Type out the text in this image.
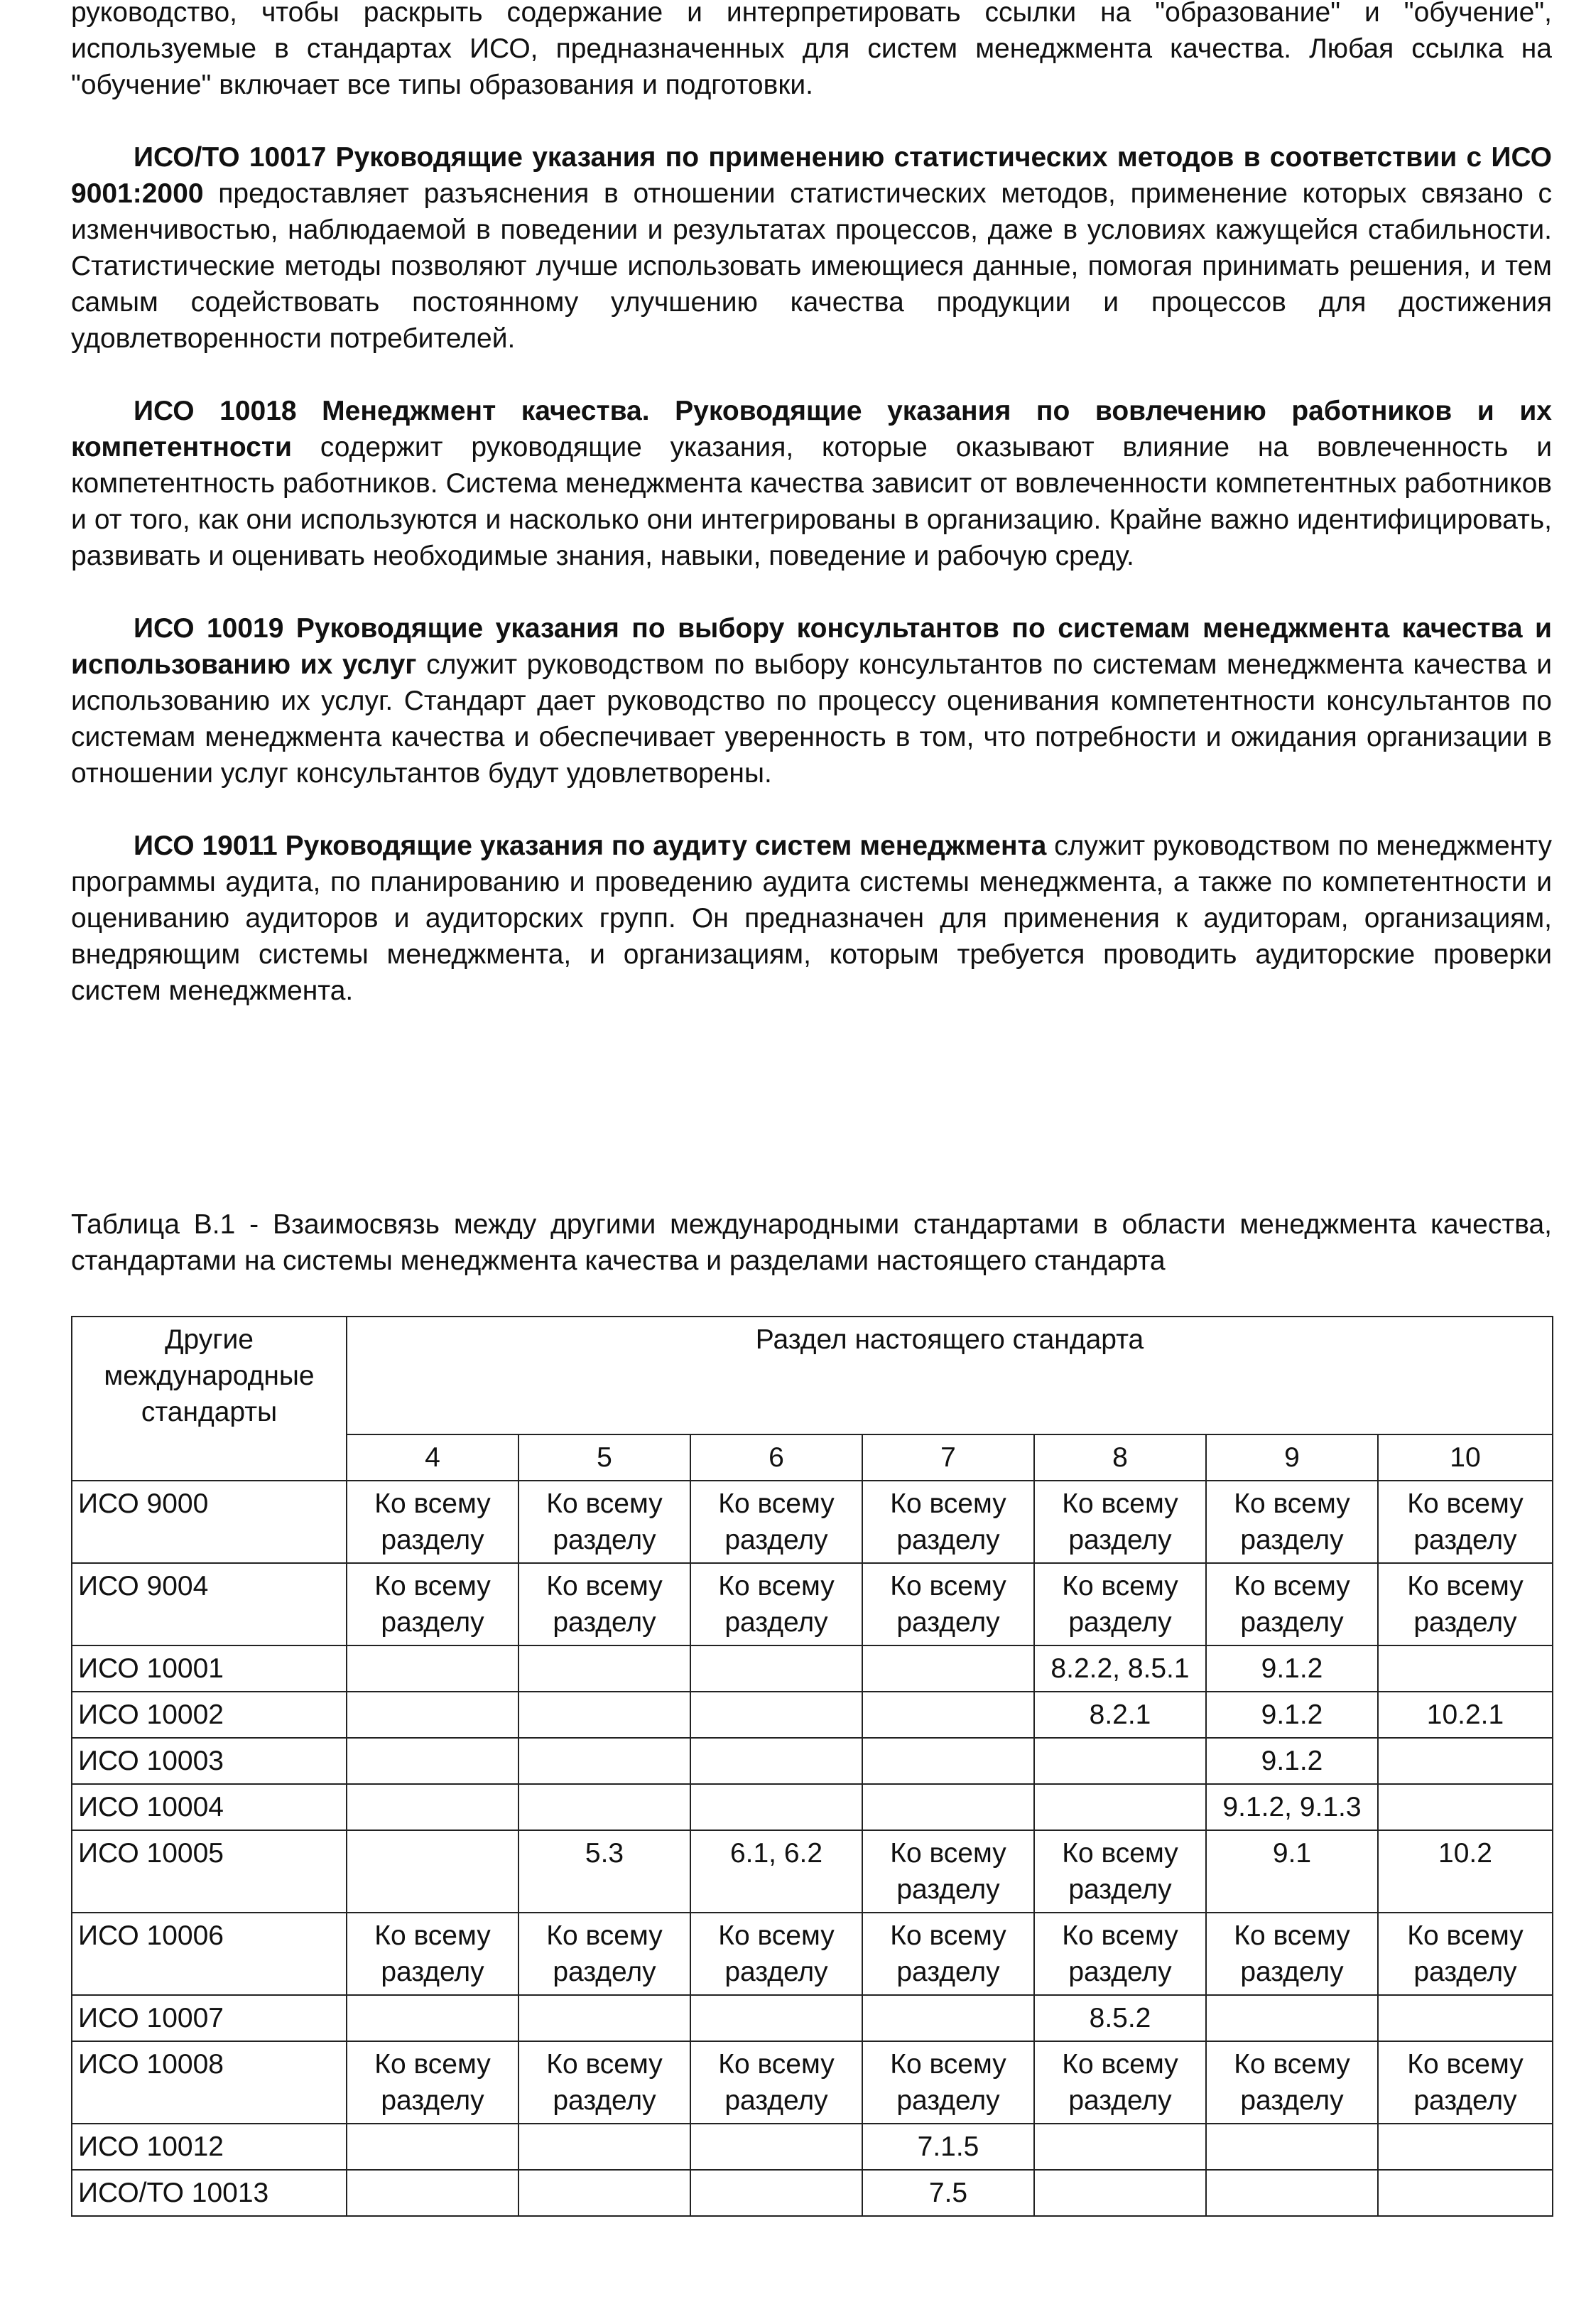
руководство, чтобы раскрыть содержание и интерпретировать ссылки на "образование" и "обучение", используемые в стандартах ИСО, предназначенных для систем менеджмента качества. Любая ссылка на "обучение" включает все типы образования и подготовки.

ИСО/ТО 10017 Руководящие указания по применению статистических методов в соответствии с ИСО 9001:2000 предоставляет разъяснения в отношении статистических методов, применение которых связано с изменчивостью, наблюдаемой в поведении и результатах процессов, даже в условиях кажущейся стабильности. Статистические методы позволяют лучше использовать имеющиеся данные, помогая принимать решения, и тем самым содействовать постоянному улучшению качества продукции и процессов для достижения удовлетворенности потребителей.

ИСО 10018 Менеджмент качества. Руководящие указания по вовлечению работников и их компетентности содержит руководящие указания, которые оказывают влияние на вовлеченность и компетентность работников. Система менеджмента качества зависит от вовлеченности компетентных работников и от того, как они используются и насколько они интегрированы в организацию. Крайне важно идентифицировать, развивать и оценивать необходимые знания, навыки, поведение и рабочую среду.

ИСО 10019 Руководящие указания по выбору консультантов по системам менеджмента качества и использованию их услуг служит руководством по выбору консультантов по системам менеджмента качества и использованию их услуг. Стандарт дает руководство по процессу оценивания компетентности консультантов по системам менеджмента качества и обеспечивает уверенность в том, что потребности и ожидания организации в отношении услуг консультантов будут удовлетворены.

ИСО 19011 Руководящие указания по аудиту систем менеджмента служит руководством по менеджменту программы аудита, по планированию и проведению аудита системы менеджмента, а также по компетентности и оцениванию аудиторов и аудиторских групп. Он предназначен для применения к аудиторам, организациям, внедряющим системы менеджмента, и организациям, которым требуется проводить аудиторские проверки систем менеджмента.

Таблица B.1 - Взаимосвязь между другими международными стандартами в области менеджмента качества, стандартами на системы менеджмента качества и разделами настоящего стандарта

Другие международные стандарты	Раздел настоящего стандарта						
	4	5	6	7	8	9	10
ИСО 9000	Ко всему разделу	Ко всему разделу	Ко всему разделу	Ко всему разделу	Ко всему разделу	Ко всему разделу	Ко всему разделу
ИСО 9004	Ко всему разделу	Ко всему разделу	Ко всему разделу	Ко всему разделу	Ко всему разделу	Ко всему разделу	Ко всему разделу
ИСО 10001					8.2.2, 8.5.1	9.1.2	
ИСО 10002					8.2.1	9.1.2	10.2.1
ИСО 10003						9.1.2	
ИСО 10004						9.1.2, 9.1.3	
ИСО 10005		5.3	6.1, 6.2	Ко всему разделу	Ко всему разделу	9.1	10.2
ИСО 10006	Ко всему разделу	Ко всему разделу	Ко всему разделу	Ко всему разделу	Ко всему разделу	Ко всему разделу	Ко всему разделу
ИСО 10007					8.5.2		
ИСО 10008	Ко всему разделу	Ко всему разделу	Ко всему разделу	Ко всему разделу	Ко всему разделу	Ко всему разделу	Ко всему разделу
ИСО 10012				7.1.5			
ИСО/ТО 10013				7.5			
